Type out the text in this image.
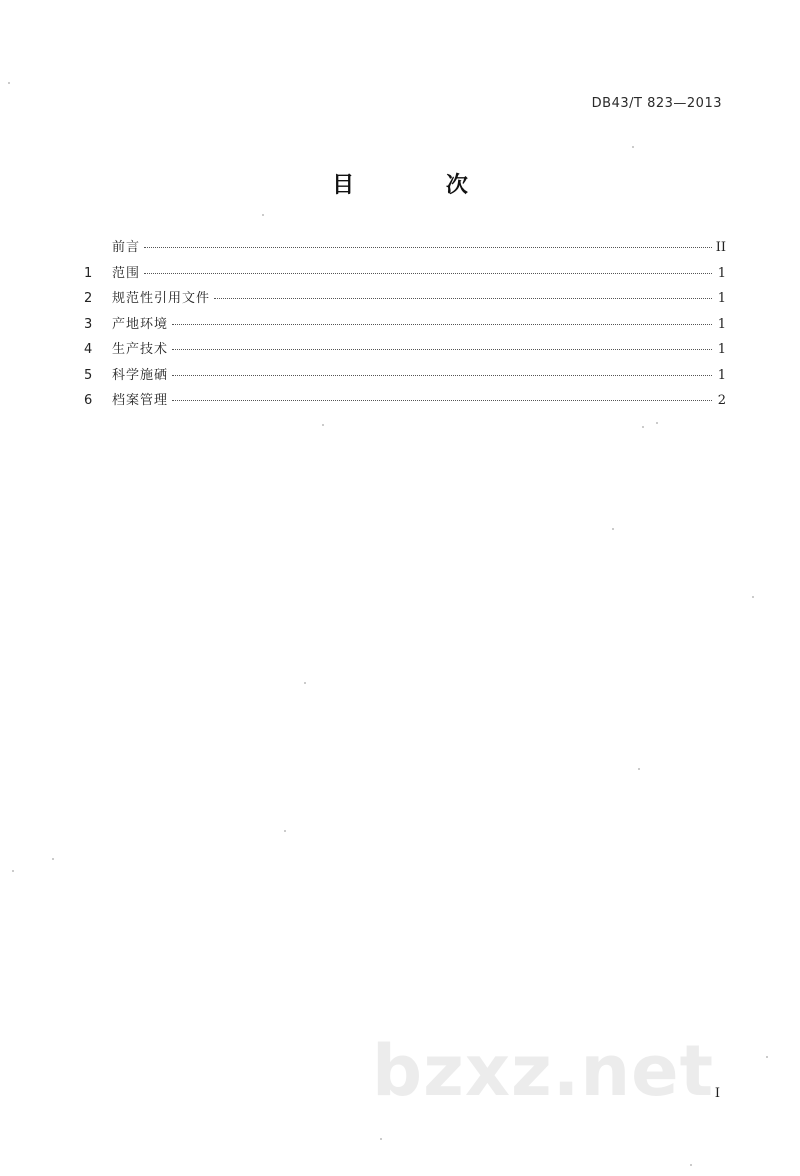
DB43/T 823—2013
目 次
前言	II
1	范围	1
2	规范性引用文件	1
3	产地环境	1
4	生产技术	1
5	科学施硒	1
6	档案管理	2
bzxz.net I
